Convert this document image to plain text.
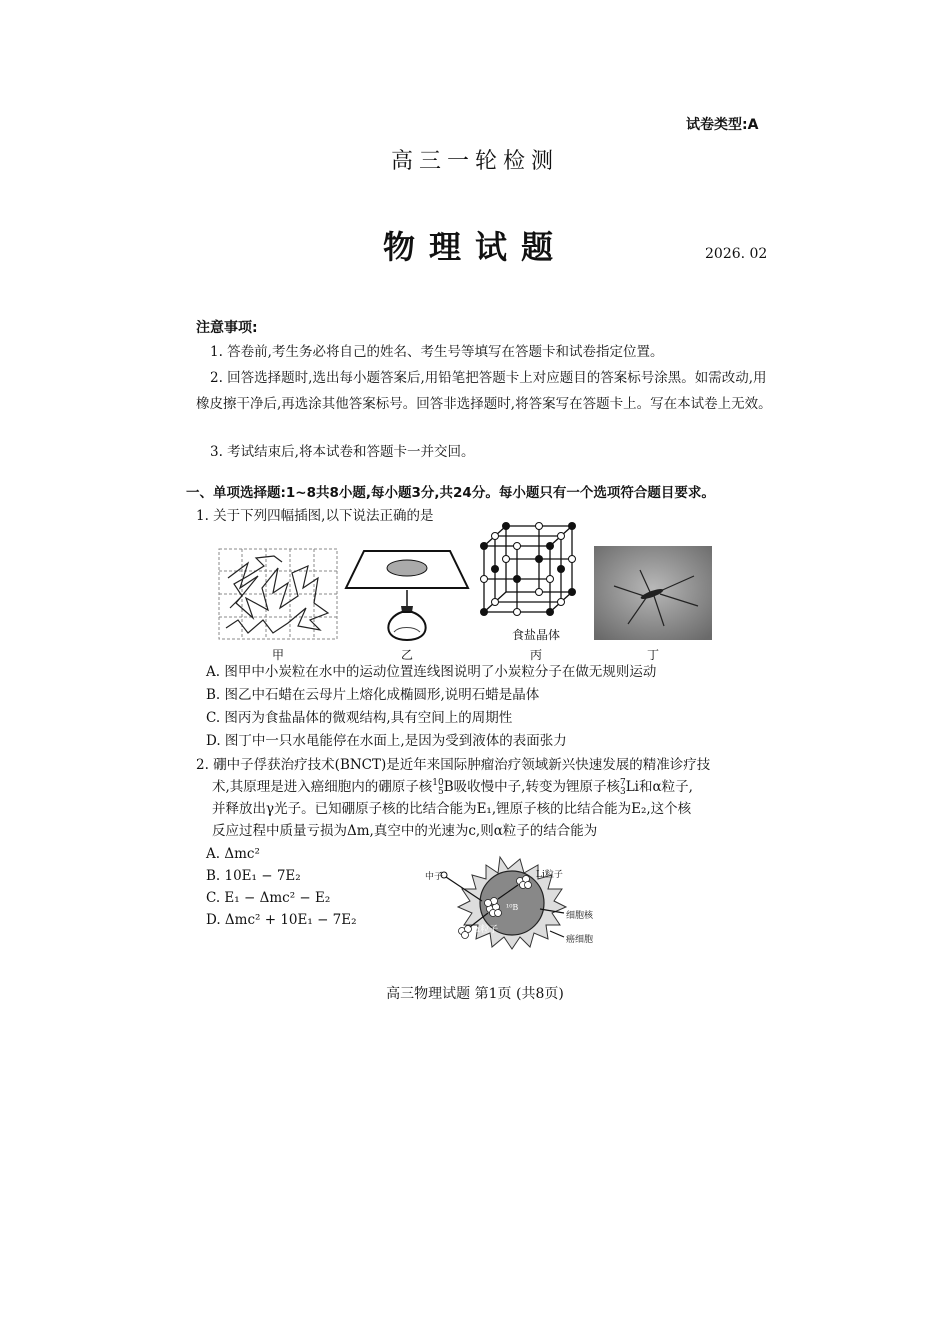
试卷类型:A
高三一轮检测
物理试题	2026. 02
注意事项:
1. 答卷前,考生务必将自己的姓名、考生号等填写在答题卡和试卷指定位置。
2. 回答选择题时,选出每小题答案后,用铅笔把答题卡上对应题目的答案标号涂黑。如需改动,用橡皮擦干净后,再选涂其他答案标号。回答非选择题时,将答案写在答题卡上。写在本试卷上无效。
3. 考试结束后,将本试卷和答题卡一并交回。
一、单项选择题:1~8共8小题,每小题3分,共24分。每小题只有一个选项符合题目要求。
1. 关于下列四幅插图,以下说法正确的是
食盐晶体
甲	乙	丙	丁
A. 图甲中小炭粒在水中的运动位置连线图说明了小炭粒分子在做无规则运动
B. 图乙中石蜡在云母片上熔化成椭圆形,说明石蜡是晶体
C. 图丙为食盐晶体的微观结构,具有空间上的周期性
D. 图丁中一只水黾能停在水面上,是因为受到液体的表面张力
2. 硼中子俘获治疗技术(BNCT)是近年来国际肿瘤治疗领域新兴快速发展的精准诊疗技
术,其原理是进入癌细胞内的硼原子核10
5B吸收慢中子,转变为锂原子核7
3Li和α粒子,
并释放出γ光子。已知硼原子核的比结合能为E₁,锂原子核的比结合能为E₂,这个核
反应过程中质量亏损为Δm,真空中的光速为c,则α粒子的结合能为
A. Δmc²
B. 10E₁ − 7E₂
C. E₁ − Δmc² − E₂
D. Δmc² + 10E₁ − 7E₂
中子	Li粒子
¹⁰B
细胞核
α粒子
癌细胞
高三物理试题 第1页 (共8页)
